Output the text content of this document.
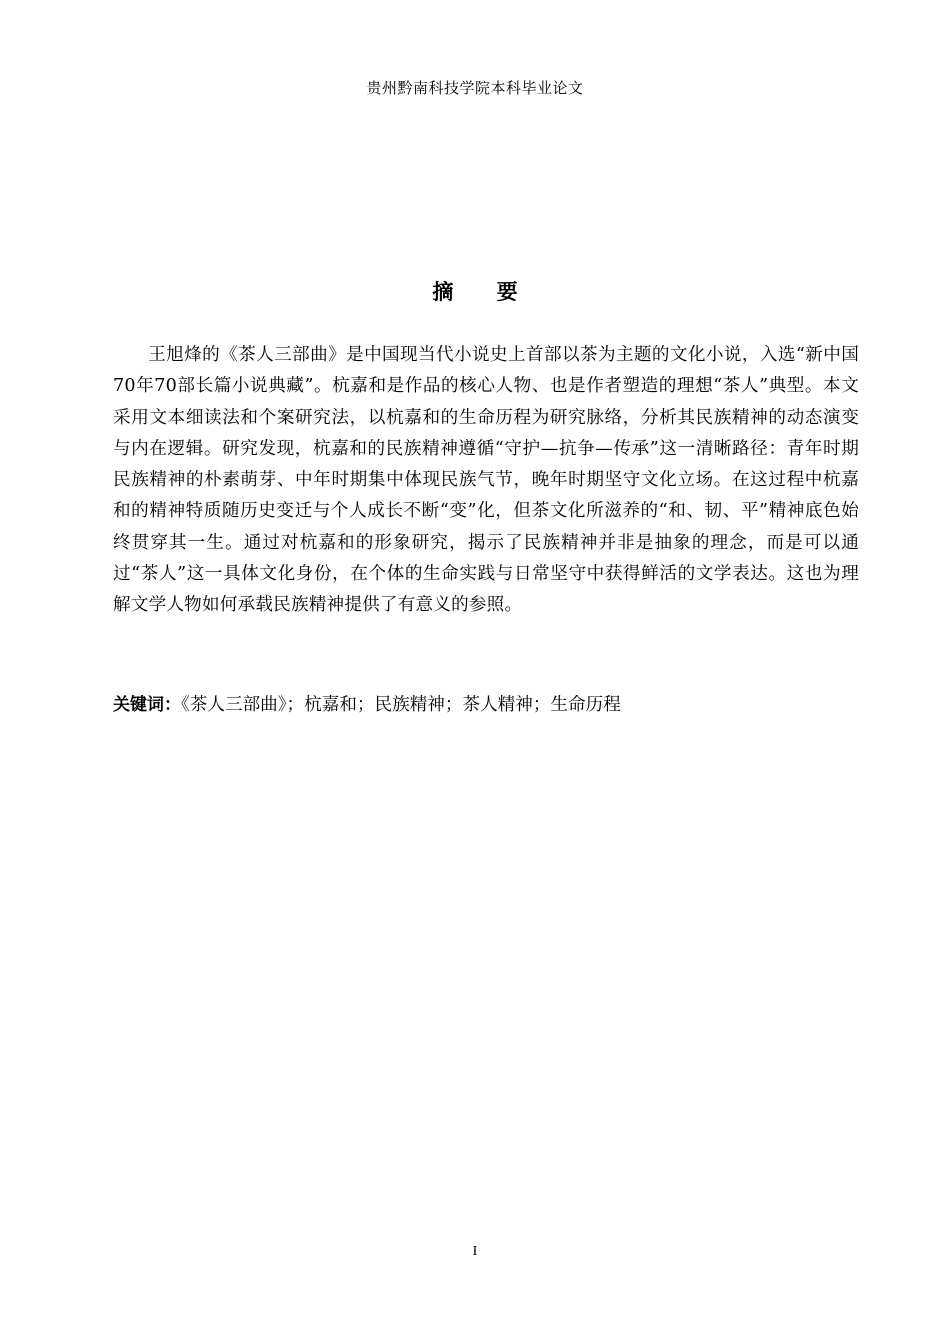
贵州黔南科技学院本科毕业论文
摘 要

王旭烽的《茶人三部曲》是中国现当代小说史上首部以茶为主题的文化小说，入选“新中国70年70部长篇小说典藏”。杭嘉和是作品的核心人物、也是作者塑造的理想“茶人”典型。本文采用文本细读法和个案研究法，以杭嘉和的生命历程为研究脉络，分析其民族精神的动态演变与内在逻辑。研究发现，杭嘉和的民族精神遵循“守护—抗争—传承”这一清晰路径：青年时期民族精神的朴素萌芽、中年时期集中体现民族气节，晚年时期坚守文化立场。在这过程中杭嘉和的精神特质随历史变迁与个人成长不断“变”化，但茶文化所滋养的“和、韧、平”精神底色始终贯穿其一生。通过对杭嘉和的形象研究，揭示了民族精神并非是抽象的理念，而是可以通过“茶人”这一具体文化身份，在个体的生命实践与日常坚守中获得鲜活的文学表达。这也为理解文学人物如何承载民族精神提供了有意义的参照。

关键词：《茶人三部曲》；杭嘉和；民族精神；茶人精神；生命历程

I
